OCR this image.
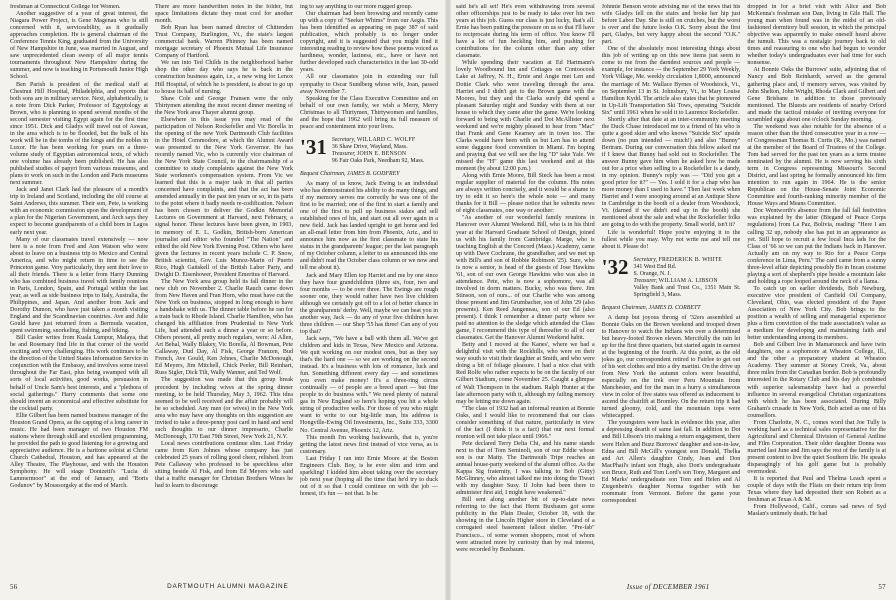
freshman at Connecticut College for Women.

Another suggestive of a year of great interest, the Niagara Power Project, is Gene Magenau who is still concerned with it, serviceability, as it gradually approaches completion. He is general chairman of the Conference Tennis King, graduated from the University of New Hampshire in June, was married in August, and saw unprecedented clean sweep of all major tennis tournaments throughout New Hampshire during the summer, and now is teaching in Portsmouth Junior High School.

Ben Parish is president of the medical staff at Chestnut Hill Hospital, Philadelphia, and reports that both sons are in military service. Next, alphabetically, is a note from Dick Parker, Professor of Egyptology at Brown, who is planning to spend several months of the second semester visiting Egypt again for the first time since 1951. Dick and Gladys will travel out of Aswan, in the area which is to be flooded, but the bulk of his work will be in the tombs of the kings and the nobles in Luxor. He has been working for years on a three-volume study of Egyptian astronomical texts, of which one volume has already been published. He has also published studies of papyri from various museums, and plans to work on such in the London and Paris museums next summer.

Jack and Janet Clark had the pleasure of a month's trip to Ireland and Scotland, including the old course at Saint Andrews, this summer. Their son, Pete, is working with an economic commission upon the development of a plan for the Nigerian Government, and Arch says they expect to become grandparents of a child born in Lagos early next year.

Many of our classmates travel extensively — now here is a note from Fred and Ann Watson who were about to leave on a business trip to Mexico and Central America, and who might return in time to see the Princeton game. Very particularly, they sent their love to all their friends. There is a letter from Harry Dunning who has combined business travel with family reunions in Paris, London, Spain, and Portugal within the last year, as well as side business trips to Italy, Australia, the Philippines, and Japan. And another from Jack and Dorothy Dumon, who have just taken a month visiting England and the Scandinavian countries. Ave and Julie Gould have just returned from a Bermuda vacation, spent swimming, snorkeling, fishing, and biking.

Bill Casler writes from Kuala Lumpur, Malaya, that he and Rosemary find life in that corner of the world exciting and very challenging. His work continues to be the direction of the United States Information Service in conjunction with the Embassy, and involves some travel throughout the Far East, plus being swamped with all sorts of local activities, good works, persuasion in behalf of Uncle Sam's best interests, and a "plethora of social gatherings." Harry comments that some one should invent an economical and effective substitute for the cocktail party.

Ellie Gilbert has been named business manager of the Houston Grand Opera, as the capping of a long career in music. He had been manager of two Houston FM stations where through skill and excellent programming, he provided the path to good listening for a growing and appreciative audience. He is a baritone soloist at Christ Church Cathedral, Houston, and has appeared at the Alley Theatre, The Playhouse, and with the Houston Symphony. He will stage Donizetti's "Lucia di Lammermoor" at the end of January, and "Boris Godunov" by Moussorgsky at the end of March.

There are more handwritten notes in the folder, but space limitations dictate they must cool for another month.

Bob Ryan has been named director of Chittenden Trust Company, Burlington, Vt., the state's largest commercial bank. Warren Phinney has been named mortgage secretary of Phoenix Mutual Life Insurance Company of Hartford.

We ran into Ted Childs in the neighborhood barber shop the other day who says he is back in the construction business again, i.e., a new wing for Lenox Hill Hospital, of which he is president, is about to go up to house its hall of nursing.

Shaw Cole and George Fransen were the only Thirtymen attending the most recent dinner meeting of the New York area Thayer alumni group.

Elsewhere in this issue you may read of the participation of Nelson Rockefeller and Vic Borella in the opening of the new York Dartmouth Club facilities in the Hotel Commodore, at which the Alumni Award was presented to the New York Governor. He has recently named Vic, who is currently vice chairman of the New York State Council, to the chairmanship of a committee to study complaints against the New York State workmen's compensation system. From Vic we learned that this is a major task in that all parties concerned have complaints, and that the act has been amended annually in the past ten years or so, in its parts to the point where it badly needs re-codification. Nelson has been chosen to deliver the Godkin Memorial Lectures on Government at Harvard, next February, a signal honor. These lectures have been given, in 1903, in memory of E. L. Godkin, British-born American journalist and editor who founded "The Nation" and edited the old New York Evening Post. Others who have given the lectures in recent years include C. P. Snow, British scientist, Gov. Luis Munoz-Marin of Puerto Rico, Hugh Gaitskell of the British Labor Party, and Dwight D. Eisenhower, President Emeritus of Harvard.

The New York area group held its fall dinner in the new club on November 2. Charlie Rauch came down from New Haven and Fran Horn, who must have cut the New York on business, stopped in long enough to have a handshake with us. The dinner table before he ran for a train back to Rhode Island. Charlie Hamilton, who has changed his affiliation from Prudential to New York Life, had attended such a dinner a year or so before. Others present, all pretty much regulars, were: Al Allen, Art Behal, Wally Blakey, Vic Borella, Al Bowman, Pete Callaway, Dud Day, Al Fisk, George Franzen, Bud French, Ave Gould, Ken Johnes, Charlie McDonough, Ed Meyers, Jim Mitchell, Chick Peeler, Bill Reinhart, Russ Sigler, Dick Tilt, Wally Wanner, and Ted Wolf.

The suggestion was made that this group break precedent by including wives at the spring dinner meeting, to be held Thursday, May 3, 1962. This idea seemed to be well received and the affair probably will be so scheduled. Any men (or wives) in the New York area who may have any thoughts on this suggestion are invited to take a three-penny post card in hand and send such thoughts to our dinner impresario, Charlie McDonough, 170 East 79th Street, New York 21, N.Y.

Local news contributions continue slim. Last Friday came from Ken Johnes whose company has just celebrated 25 years of rolling good cheer, relished. from Pete Callaway who professed to be speechless after sitting beside Al Fisk, and from Ed Meyers who said that a traffic manager for Christian Brothers Wines he had to learn to discourage

ing to say anything to our more rugged group.

Our chairman had been browsing and recently came up with a copy of "Seeker Whims" from our Aegis. This has been identified as appearing on page 387 of said publication, which probably is no longer under copyright, and it is suggested that you might find it interesting reading to review how these poems voiced as hardiness, wonder, laziness, etc., have or have not further developed such characteristics in the last 30-odd years.

All our classmates join in extending our full sympathy to Oscar Sundberg whose wife, Joan, passed away November 7.

Speaking for the Class Executive Committee and on behalf of our own family, we wish a Merry, Merry Christmas to all Thirtymen, Thirtywomen and families, and the hope that 1962 will bring its full measure of peace and contentment into your lives.

'31 Secretary, WILLARD C. WOLFF
36 Shaw Drive, Wayland, Mass.
Treasurer, JOHN E. BENSON
96 Fair Oaks Park, Needham 92, Mass.
Bequest Chairman, JAMES B. GODFREY

As many of us know, Jack Ewing is an individual who has demonstrated his ability to do many things, and if my memory serves me correctly he was one of the first to be married; one of the first to start a family and one of the first to pull up business stakes and sell established ones of his, and start out all over again in a new field. Jack has landed upright to get home and fed an all-mail letter from him from Phoenix, Ariz., and to announce him now as the first classmate to state his status in the grandparents' league; per the last paragraph of my October column, a letter to us announced this one and didn't read the October class column or we now and tell me about it).

Jack and Mary Ellen top Harriet and me by one since they have four grandchildren (three six, four, two and four months — to be over three. The Ewings are rough sooner one, they would rather have two live children although we certainly got off to a lot of better chance in the grandparents' derby. Well, maybe we can beat you in another way, Jack — do any of your five children have three children — our Shep '55 has three! Can any of you top that?

Jack says, "We have a ball with them all. We've got children and kids in Texas, New Mexico and Arizona. We quit working on our modest ones, but as they say that's the hard one — so we are working on the second instead. It's a business with lots of romance, luck and fun. Something different every day — and sometimes you even make money! It's a three-ring circus continually — of people are a breed apart — but fine people to do business with." We need plenty of natural gas in New England so here's hoping you hit a whole string of productive wells. For those of you who might want to write to our big-little man, his address is Hongville-Ewing Oil Investments, Inc., Suite 333, 3300 No. Central Avenue, Phoenix 12, Ariz.

This month I'm working backwards, that is, you're getting the latest news first instead of vice versa, as is customary.

Last Friday I ran into Ernie Moore at the Boston Engineers Club. Boy, is he ever slim and trim and sparkling! I kidded him about taking over the secretary job next year (hoping all the time that he'd try to duck out of it so that I could continue on with the job — honest, it's fun — not that. Is he

56	DARTMOUTH ALUMNI MAGAZINE

said he's all set! He's even withdrawing from several other officerships just to be ready to take over his two years at this job. Guess our class is just lucky, that's all. Ernie has been putting the pressure on us so that I'll have to reciprocate during his term of office. You know I'll have a lot of fun heckling him, and pushing for contributions for the column other than any other classmate.

While spending their vacation at Ed Hartmann's lovely Woodbound Inn and Cottages on Contoocook Lake at Jaffrey, N. H., Ernie and Angie met Len and Dottie Clark who were traveling through the area. Harriet and I didn't get to the Brown game with the Moores, but they and the Clarks surely did spend a pleasant Saturday night and Sunday with them at our house to which they came after the game. We're looking forward to being with Charlie and Dot McAllister next weekend and we're mighty pleased to hear from "Mac" that Frank and Gene Kearney are in town too. The Clarks would have been with us but Len has to attend some daggone food convention in Miami. I'm hoping and praying that we will see the big "D" take Yale. We missed the "H" game this last weekend and at this moment (by about 12:00 p.m.)

Along with Ernie Moore, Bill Steck has been a most regular supplier of material for the column. His notes are always written concisely, and it would be a shame to try to edit it so here's the whole note — and many thanks for it Bill — please notice that he submits news of eight classmates, one way or another:

"As another of our wonderful family reunions in Hanover over Alumni Weekend. Bill, who is in his third year at the Harvard Graduate School of Design, joined us with his family from Cambridge. Marge, who is teaching English at the Concord (Mass.) Academy, came up with Dave Cochrane, the grandfather, and we met up with Bill's and son of Robbie Robinson '25). Sure, who is now a senior, is head of the guests of Jose Hawkins '61, son of our own George Hawkins who was also in attendance. Pete, who is now a sophomore, was all involved in dorm matters. Bucky, who was there. Jim Stinson, son of ours... of our Charlie who was among those present and Jim Grumbacher, son of John '29 (also presents). Ken Reed Jangeneau, son of our Ed (also present). I think I remember a dinner party where we paid no attention to the sledge which attended the Class game, I recommend this type of thereafter to all of our classmates. Get the Hanover Alumni Weekend habit.

Betty and I moved at the Kanes', where we had a delightful visit with the Rockhills, who were en their way south to visit their daughter at Smith, and who were doing a bit of foliage pleasure. I had a nice chat with Red Rolfe who rather expects to be on the faculty of our Gilbert Stadium, come November 25. Caught a glimpse of Walt Thompson in the stadium. Ralph Hunter at the late afternoon party with it, although my failing memory may be letting me down again.

"The class of 1932 had an informal reunion at Bonnie Oaks, and I would like to recommend that our class consider something of that nature, particularly in view of the fact (I think it is a fact) that our next formal reunion will not take place until 1966."

Pete declared Terry Delta Chi, and his name stands next to that of Tom Seminoli, son of our Eddie whose son is our Matty. The Dartmouth Tripe reaches an annual house-party weekend of the alumni office. As the Kappa Sig fraternity, I was talking to Bob (Gitty) McGlinney, who almost talked me into doing the Tiwari with my daughter Susy. If John had been there to administer first aid, I might have weakened."

Bill sent along another bit of up-to-date news referring to the fact that Herm Buxbaum got some publicity in the Plain Dealer, October 18, with the showing in the Lincoln Higher store in Cleveland of a corrugated steel basement fallout shelter. "Pre-fab" Francisco... of some women shoppers, most of whom were attracted more by curiosity than by real interest, were recorded by Buxbaum.

Johnnie Benson wrote advising me of the news that his wife Gladys fell on the stairs and broke her hip just before Labor Day. She is still on crutches, but the worst is over and the future looks O.K. Sorry about the first part, Gladys, but very happy about the second "O.K." part.

One of the absolutely most interesting things about this job of writing up on this new items just seem to come to me from the darndest sources and people — example, for instance — the September 29 York Weekly, York Village, Me. weekly circulation 1,8000, announced the marriage of Mr. Wallace Byrnes of Woodstock, Vt., on September 13 in St. Johnsbury, Vt., to Mary Louise Hamilton Kydd. The article also states that he pioneered in Up-Lift Transportation Ski Tows, operating "Suicide Six" until 1961 when he sold it to Laurence Rockefeller.

Shortly after that date at an inter-community meeting the Duck Chase introduced me to a friend of his who is quite a good skier and who knows "Suicide Six" upside down (no pun intended — much!) and also "Bunny" Bertram. During our conversation this fellow asked me if I knew that Bunny had sold out to Rockefeller. The answer Bunny gave him when he asked how he made out for a price when selling to a Rockefeller is a dandy, in my opinion. Bunny's reply was — "Did you get a good price for it?" — Yes. I sold it for a chap who has more money than I used to have." Then last week when Harriet and I were snooping around at an Antique Show in Cambridge in the booth of a dealer from Woodstock, Vt. (darned if we didn't end up in the booth) she mentioned about the sale and what the Rockefeller folks are going to do with the property. Small world, isn't it?

Life is wonderful! Hope you're enjoying it to the fullest while you may. Why not write me and tell me about it. Please do!

'32 Secretary, FREDERICK B. WHITE
341 West End Rd.
S. Orange, N. J.
Treasurer, WILLIAM A. LIBSON
Valley Bank and Trust Co., 1351 Main St. Springfield 3, Mass.
Bequest Chairman, JAMES D. CORBETT

A damp but joyous throng of '32ers assembled at Bonnie Oaks on the Brown weekend and trooped down to Hanover to watch the Indians win over a determined but heavy-footed Brown eleven. Mercifully the rain let up for the first three quarters, but started again in earnest at the beginning of the fourth. At this point, as the old jokes go, our correspondent retired to Fairlee to get out of his wet clothes and into a dry martini. On the drive up from New York the autumn colors were beautiful, especially on the trek over Peru Mountain from Manchester, and for the man in a hurry a simultaneous view in color of five states was offered as inducement to ascend the chairlift at Bromley. On the return trip it had turned gloomy, cold, and the mountain tops were whitecapped.

The youngsters were back in evidence this year, after a depressing dearth of same last fall. In addition to Dot and Bill Libson's trio making a return engagement, there were Helen and Buzz Burrows' daughter and son-in-law, Edna and Bill McGill's youngest son Donald, Thelka and Art Allen's daughter Cindy, Jean and Don MacPhail's infant son Hugh, also Don's undergraduate son Bruce, Ruth and Tom Lord's son Tony, Margaret and Ed Marks' undergraduate son Tom and Helen and Al Ziegenbein's daughter Norma together with her roommate from Vermont. Before the game your correspondent

dropped in for a brief visit with Alice and Bob McKenna's freshman son Dan, living in Gile Hall. The young man when found was in the midst of an old-fashioned dormitory bull session, in which the principal objective was apparently to make oneself heard above the tumult. This was a nostalgic journey back to old times and reassuring to one who had begun to wonder whether today's undergraduates ever had time for such nonsense.

At Bonnie Oaks the Burrows' suite, adjoining that of Nancy and Bob Reinhardt, served as the general gathering place and, if memory serves, was visited by John Shelton, John Wright, Rhoda Clark and Gilbert and Gene Brisbane in addition to those previously mentioned. The Bluests are residents of nearby Orford and made the tactical mistake of inviting everyone for scrambled eggs about one o'clock Sunday morning.

The weekend was also notable for the absence of a reason other than the third consecutive year in a row — of Congressman Thomas B. Curtis (R., Mo.) was named at the member of the Board of Trustees of the College. Tom had served for the past ten years as a term trustee nominated by the alumni. He is now serving his sixth term in Congress representing Missouri's Second District, and last spring he formally announced his firm intention to run again in 1964. He is the senior Republican on the House-Senate Joint Economic Committee and fourth-ranking minority member of the House Ways and Means Committee.

Doc Wentworth's absence from the fall fall festivities was explained by the latter (Biegand of Peace Corps regulations) from La Paz, Bolivia, reading: "Here I am calling 32 up, nobody else has put in an appearance as yet. Still hope to recruit a few local Inca lads for the Class of '66 so we can put the Indians back in Hanover. Actually am on my way to Rio for a Peace Corps conference in Lima, Peru." The card came from a sunny three-level affair depicting possibly Bo in Incan costume playing a sort of shepherd's pipe beside a mountain lake and holding a rope looped around the neck of a llama.

To catch up on earlier dividends, Bob Newburg, executive vice president of Canfield Oil Company, Cleveland, Ohio, was elected president of the Paper Association of New York City. Bob brings to the position a wealth of selling and managerial experience plus a firm conviction of the trade association's value as a medium for developing and maintaining faith and better understanding among its members.

Bob and Gilbert live in Mamaroneck and have twin daughters, one a sophomore at Wheaton College, Ill., and the other a preparatory student at Wheaton Academy. They summer at Stoney Creek, Va., about three miles from the Canadian border. Bob is profoundly interested in the Rotary Club and his day job combined with superior salesmanship have had a powerful influence in several evangelical Christian organizations with which he has been associated. During Billy Graham's crusade in New York, Bob acted as one of his counsellors.

From Charlotte, N. C., comes word that Joe Tully is working hard as a technical sales representative for the Agricultural and Chemical Division of General Aniline and Film Corporation. Their older daughter Donna was married last June and Jim says the rest of the family is at present content to live the quiet Southern life. He speaks disparagingly of his golf game but is probably overmodest.

It is reported that Paul and Thelma Leach spent a couple of days with the Fliats on their return trip from Texas where they had deposited their son Robert as a freshman at Texas A & M.

From Hollywood, Calif., comes sad news of Syd Maslan's untimely death. He had

Issue of DECEMBER 1961	57
